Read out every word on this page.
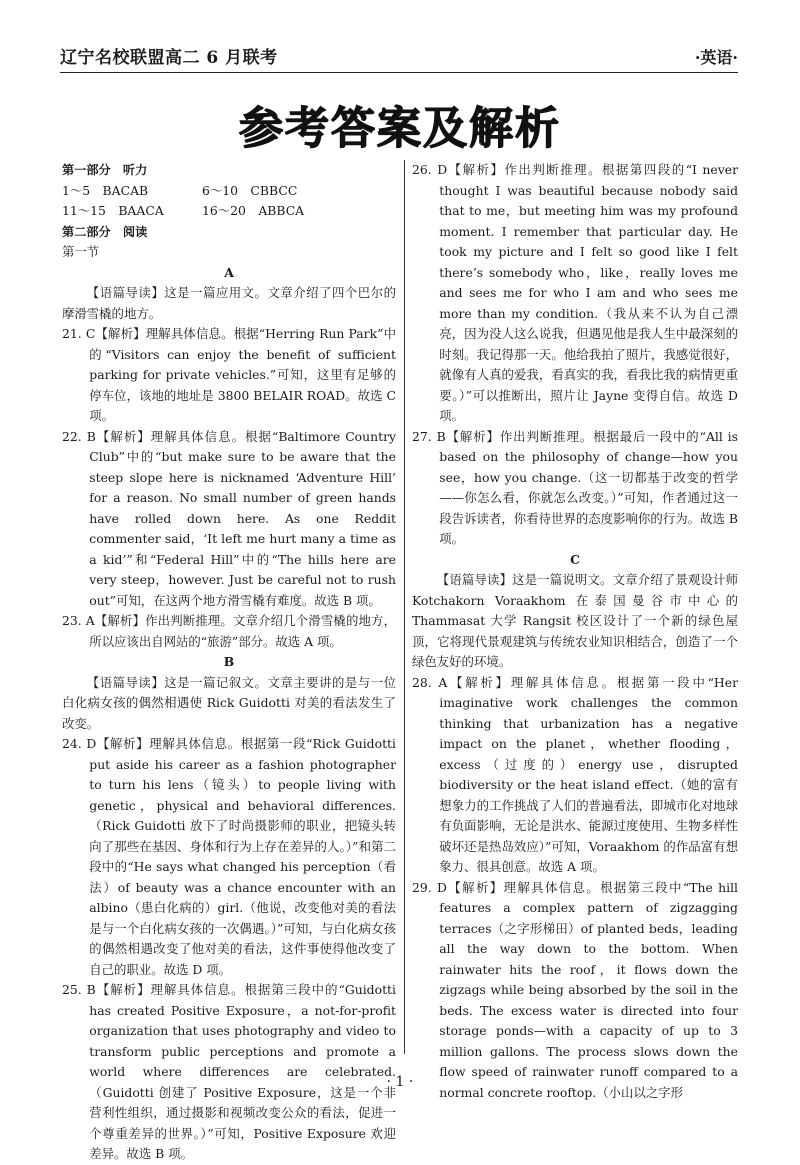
辽宁名校联盟高二 6 月联考	·英语·
参考答案及解析

第一部分　听力

1～5　BACAB	6～10　CBBCC
11～15　BAACA	16～20　ABBCA

第二部分　阅读

第一节

A

【语篇导读】这是一篇应用文。文章介绍了四个巴尔的摩滑雪橇的地方。

21. C【解析】理解具体信息。根据“Herring Run Park”中的“Visitors can enjoy the benefit of sufficient parking for private vehicles.”可知，这里有足够的停车位，该地的地址是 3800 BELAIR ROAD。故选 C 项。

22. B【解析】理解具体信息。根据“Baltimore Country Club”中的“but make sure to be aware that the steep slope here is nicknamed ‘Adventure Hill’ for a reason. No small number of green hands have rolled down here. As one Reddit commenter said，‘It left me hurt many a time as a kid’”和“Federal Hill”中的“The hills here are very steep，however. Just be careful not to rush out”可知，在这两个地方滑雪橇有难度。故选 B 项。

23. A【解析】作出判断推理。文章介绍几个滑雪橇的地方，所以应该出自网站的“旅游”部分。故选 A 项。

B

【语篇导读】这是一篇记叙文。文章主要讲的是与一位白化病女孩的偶然相遇使 Rick Guidotti 对美的看法发生了改变。

24. D【解析】理解具体信息。根据第一段“Rick Guidotti put aside his career as a fashion photographer to turn his lens（镜头）to people living with genetic，physical and behavioral differences.（Rick Guidotti 放下了时尚摄影师的职业，把镜头转向了那些在基因、身体和行为上存在差异的人。）”和第二段中的“He says what changed his perception（看法）of beauty was a chance encounter with an albino（患白化病的）girl.（他说，改变他对美的看法是与一个白化病女孩的一次偶遇。）”可知，与白化病女孩的偶然相遇改变了他对美的看法，这件事使得他改变了自己的职业。故选 D 项。

25. B【解析】理解具体信息。根据第三段中的“Guidotti has created Positive Exposure，a not-for-profit organization that uses photography and video to transform public perceptions and promote a world where differences are celebrated.（Guidotti 创建了 Positive Exposure，这是一个非营利性组织，通过摄影和视频改变公众的看法，促进一个尊重差异的世界。）”可知，Positive Exposure 欢迎差异。故选 B 项。

26. D【解析】作出判断推理。根据第四段的“I never thought I was beautiful because nobody said that to me，but meeting him was my profound moment. I remember that particular day. He took my picture and I felt so good like I felt there’s somebody who，like，really loves me and sees me for who I am and who sees me more than my condition.（我从来不认为自己漂亮，因为没人这么说我，但遇见他是我人生中最深刻的时刻。我记得那一天。他给我拍了照片，我感觉很好，就像有人真的爱我，看真实的我，看我比我的病情更重要。）”可以推断出，照片让 Jayne 变得自信。故选 D 项。

27. B【解析】作出判断推理。根据最后一段中的“All is based on the philosophy of change—how you see，how you change.（这一切都基于改变的哲学——你怎么看，你就怎么改变。）”可知，作者通过这一段告诉读者，你看待世界的态度影响你的行为。故选 B 项。

C

【语篇导读】这是一篇说明文。文章介绍了景观设计师 Kotchakorn Voraakhom 在泰国曼谷市中心的 Thammasat 大学 Rangsit 校区设计了一个新的绿色屋顶，它将现代景观建筑与传统农业知识相结合，创造了一个绿色友好的环境。

28. A【解析】理解具体信息。根据第一段中“Her imaginative work challenges the common thinking that urbanization has a negative impact on the planet，whether flooding，excess（过度的）energy use，disrupted biodiversity or the heat island effect.（她的富有想象力的工作挑战了人们的普遍看法，即城市化对地球有负面影响，无论是洪水、能源过度使用、生物多样性破坏还是热岛效应）”可知，Voraakhom 的作品富有想象力、很具创意。故选 A 项。

29. D【解析】理解具体信息。根据第三段中“The hill features a complex pattern of zigzagging terraces（之字形梯田）of planted beds，leading all the way down to the bottom. When rainwater hits the roof，it flows down the zigzags while being absorbed by the soil in the beds. The excess water is directed into four storage ponds—with a capacity of up to 3 million gallons. The process slows down the flow speed of rainwater runoff compared to a normal concrete rooftop.（小山以之字形

· 1 ·
